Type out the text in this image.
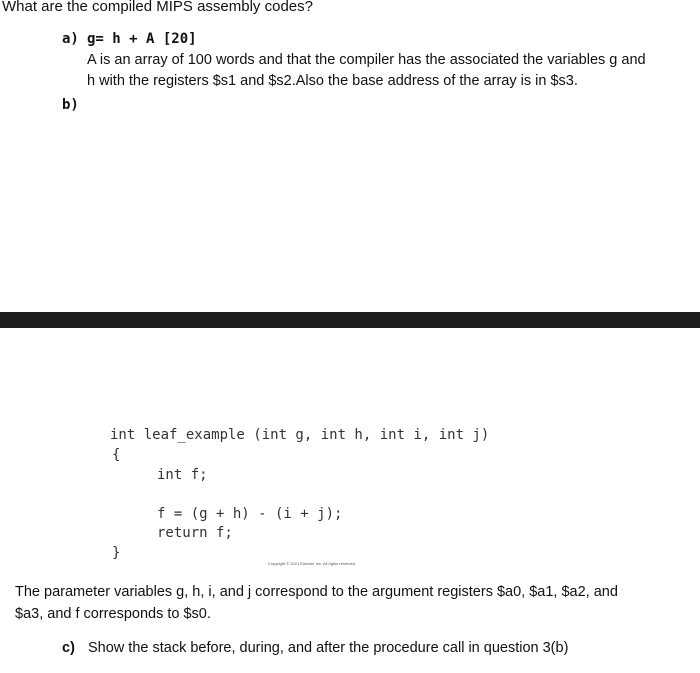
What are the compiled MIPS assembly codes?
a) g= h + A [20]
A is an array of 100 words and that the compiler has the associated the variables g and
h with the registers $s1 and $s2.Also the base address of the array is in $s3.
b)
int leaf_example (int g, int h, int i, int j)
{
int f;
f = (g + h) - (i + j);
return f;
}
Copyright © 2021 Elsevier Inc. All rights reserved
The parameter variables g, h, i, and j correspond to the argument registers $a0, $a1, $a2, and
$a3, and f corresponds to $s0.
c) Show the stack before, during, and after the procedure call in question 3(b)
